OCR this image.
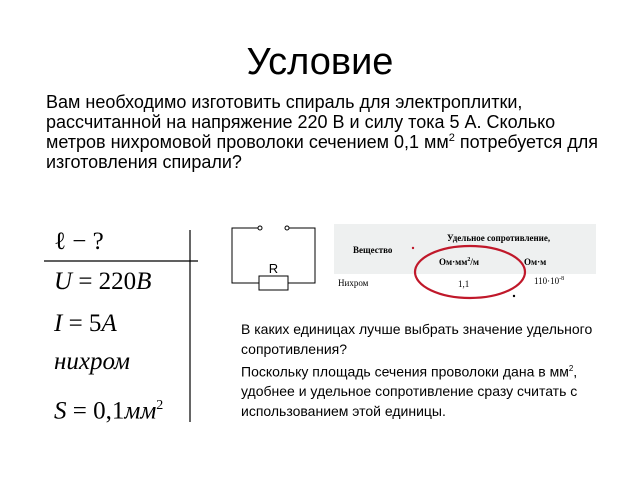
Условие
Вам необходимо изготовить спираль для электроплитки, рассчитанной на напряжение 220 В и силу тока 5 А. Сколько метров нихромовой проволоки сечением 0,1 $мм^2$ потребуется для изготовления спирали?
ℓ − ?
U = 220B
I = 5A
нихром
$S = 0,1мм^2$
R
Вещество
Удельное сопротивление,
$Ом\cdot мм^2/м$	Ом·м
Нихром	1,1	$110\cdot 10^{-8}$

В каких единицах лучше выбрать значение удельного сопротивления?

Поскольку площадь сечения проволоки дана в $мм^2$, удобнее и удельное сопротивление сразу считать с использованием этой единицы.
